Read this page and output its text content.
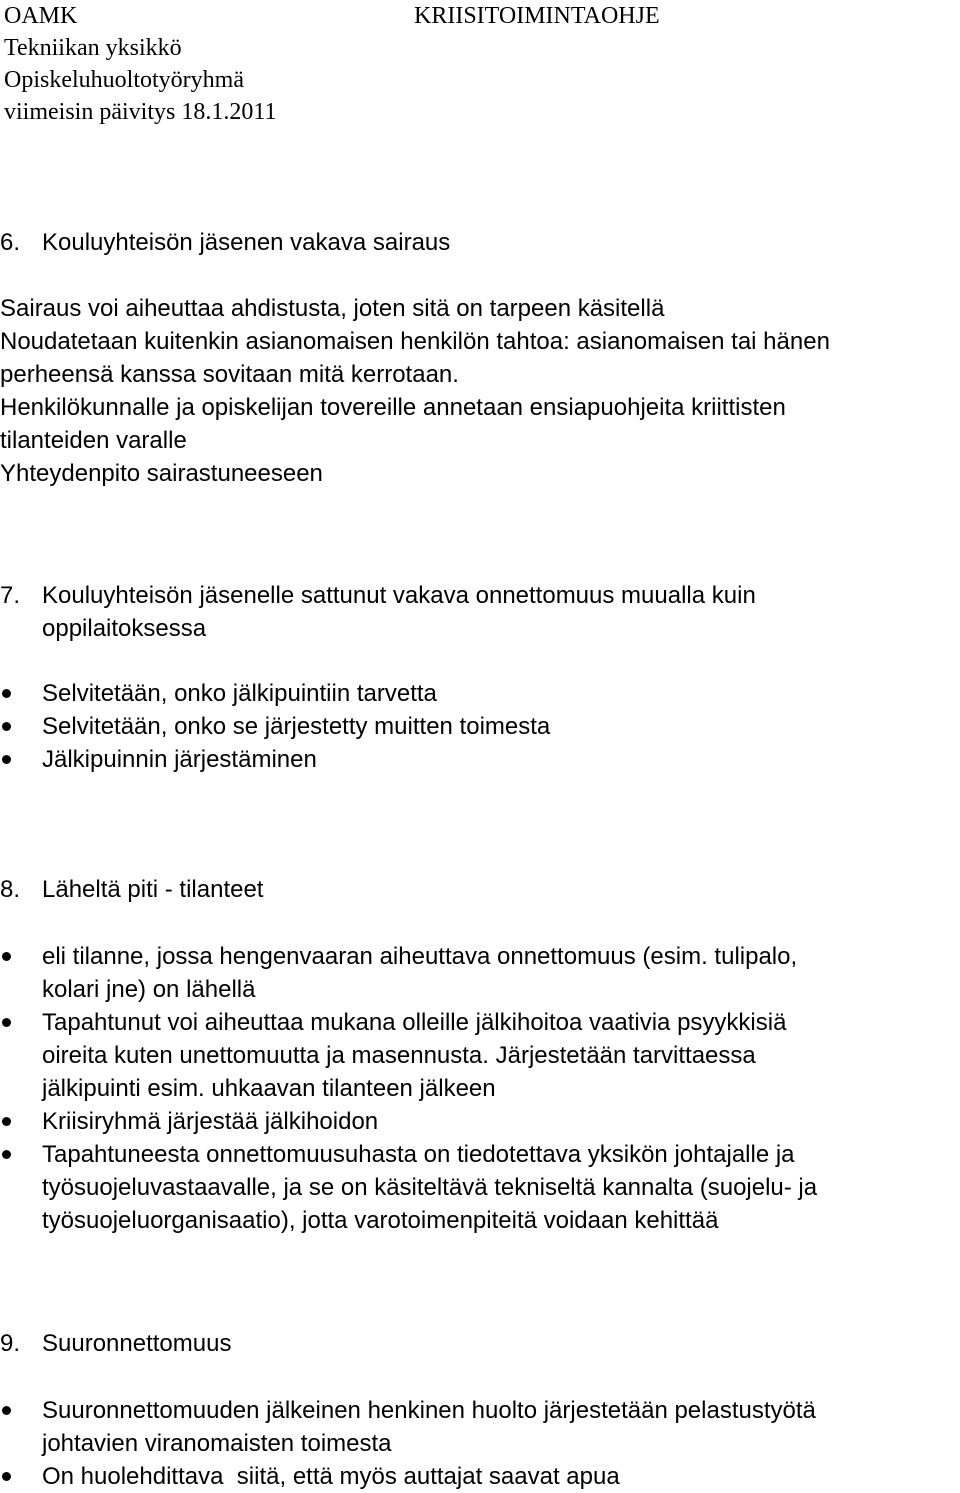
OAMK	KRIISITOIMINTAOHJE
Tekniikan yksikkö
Opiskeluhuoltotyöryhmä
viimeisin päivitys 18.1.2011
6. Kouluyhteisön jäsenen vakava sairaus
Sairaus voi aiheuttaa ahdistusta, joten sitä on tarpeen käsitellä
Noudatetaan kuitenkin asianomaisen henkilön tahtoa: asianomaisen tai hänen
perheensä kanssa sovitaan mitä kerrotaan.
Henkilökunnalle ja opiskelijan tovereille annetaan ensiapuohjeita kriittisten
tilanteiden varalle
Yhteydenpito sairastuneeseen
7. Kouluyhteisön jäsenelle sattunut vakava onnettomuus muualla kuin
oppilaitoksessa
Selvitetään, onko jälkipuintiin tarvetta
Selvitetään, onko se järjestetty muitten toimesta
Jälkipuinnin järjestäminen
8. Läheltä piti - tilanteet
eli tilanne, jossa hengenvaaran aiheuttava onnettomuus (esim. tulipalo,
kolari jne) on lähellä
Tapahtunut voi aiheuttaa mukana olleille jälkihoitoa vaativia psyykkisiä
oireita kuten unettomuutta ja masennusta. Järjestetään tarvittaessa
jälkipuinti esim. uhkaavan tilanteen jälkeen
Kriisiryhmä järjestää jälkihoidon
Tapahtuneesta onnettomuusuhasta on tiedotettava yksikön johtajalle ja
työsuojeluvastaavalle, ja se on käsiteltävä tekniseltä kannalta (suojelu- ja
työsuojeluorganisaatio), jotta varotoimenpiteitä voidaan kehittää
9. Suuronnettomuus
Suuronnettomuuden jälkeinen henkinen huolto järjestetään pelastustyötä
johtavien viranomaisten toimesta
On huolehdittava  siitä, että myös auttajat saavat apua
